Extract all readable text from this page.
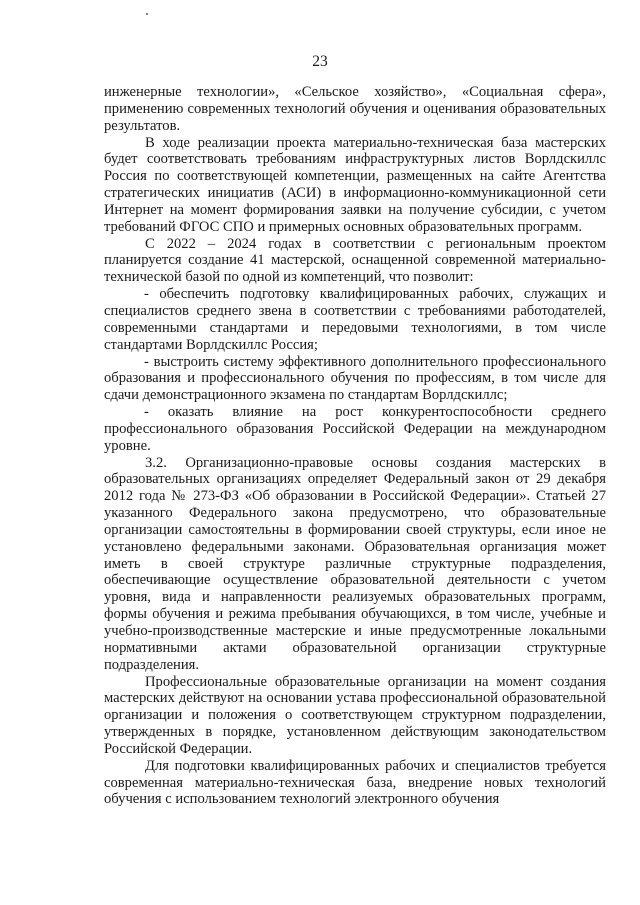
23

инженерные технологии», «Сельское хозяйство», «Социальная сфера», применению современных технологий обучения и оценивания образовательных результатов.

В ходе реализации проекта материально-техническая база мастерских будет соответствовать требованиям инфраструктурных листов Ворлдскиллс Россия по соответствующей компетенции, размещенных на сайте Агентства стратегических инициатив (АСИ) в информационно-коммуникационной сети Интернет на момент формирования заявки на получение субсидии, с учетом требований ФГОС СПО и примерных основных образовательных программ.

С 2022 – 2024 годах в соответствии с региональным проектом планируется создание 41 мастерской, оснащенной современной материально-технической базой по одной из компетенций, что позволит:

- обеспечить подготовку квалифицированных рабочих, служащих и специалистов среднего звена в соответствии с требованиями работодателей, современными стандартами и передовыми технологиями, в том числе стандартами Ворлдскиллс Россия;

- выстроить систему эффективного дополнительного профессионального образования и профессионального обучения по профессиям, в том числе для сдачи демонстрационного экзамена по стандартам Ворлдскиллс;

- оказать влияние на рост конкурентоспособности среднего профессионального образования Российской Федерации на международном уровне.

3.2. Организационно-правовые основы создания мастерских в образовательных организациях определяет Федеральный закон от 29 декабря 2012 года № 273-ФЗ «Об образовании в Российской Федерации». Статьей 27 указанного Федерального закона предусмотрено, что образовательные организации самостоятельны в формировании своей структуры, если иное не установлено федеральными законами. Образовательная организация может иметь в своей структуре различные структурные подразделения, обеспечивающие осуществление образовательной деятельности с учетом уровня, вида и направленности реализуемых образовательных программ, формы обучения и режима пребывания обучающихся, в том числе, учебные и учебно-производственные мастерские и иные предусмотренные локальными нормативными актами образовательной организации структурные подразделения.

Профессиональные образовательные организации на момент создания мастерских действуют на основании устава профессиональной образовательной организации и положения о соответствующем структурном подразделении, утвержденных в порядке, установленном действующим законодательством Российской Федерации.

Для подготовки квалифицированных рабочих и специалистов требуется современная материально-техническая база, внедрение новых технологий обучения с использованием технологий электронного обучения
